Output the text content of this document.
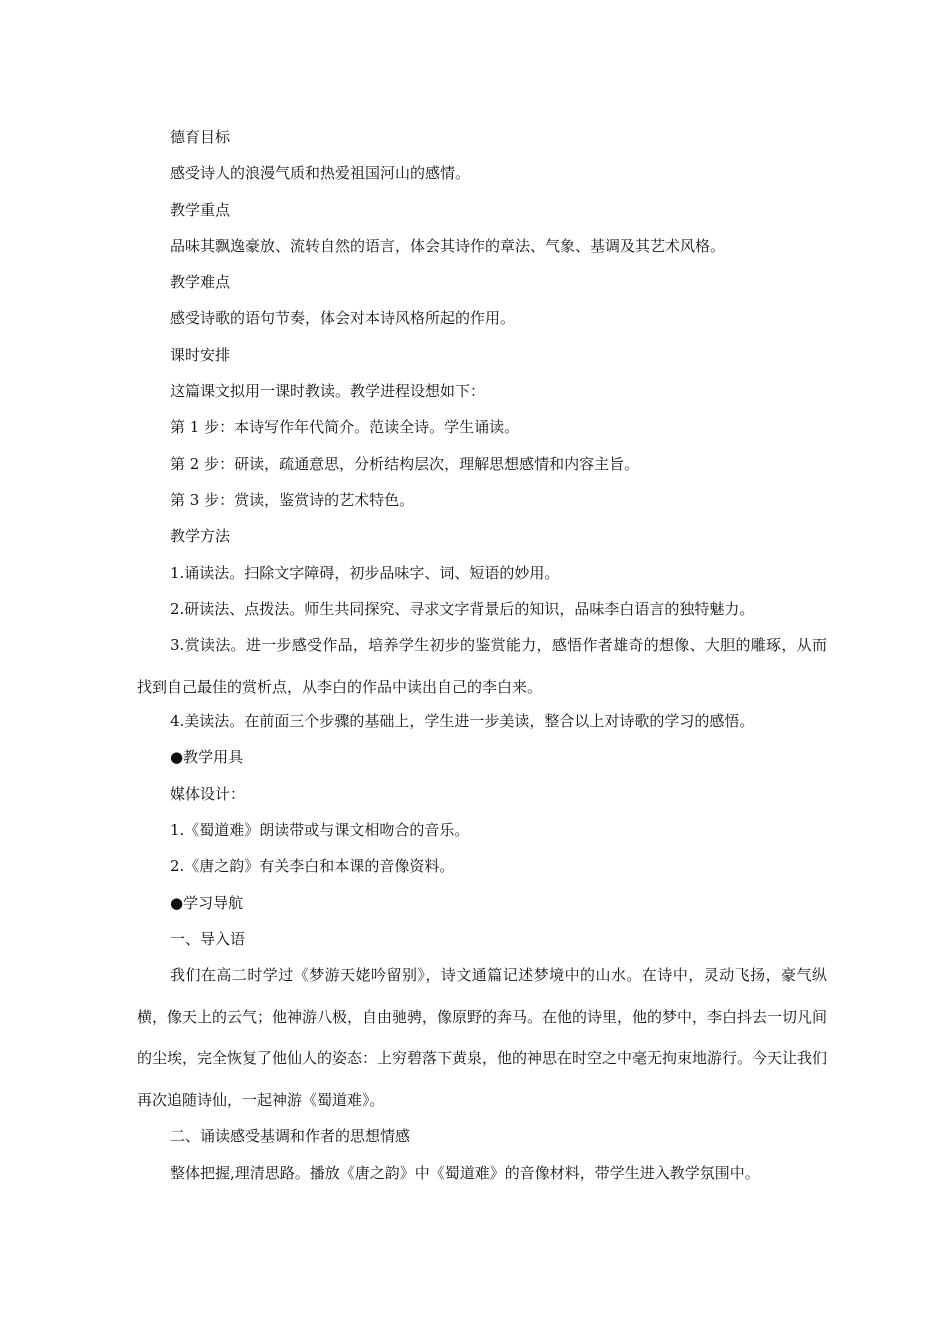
德育目标
感受诗人的浪漫气质和热爱祖国河山的感情。
教学重点
品味其飘逸豪放、流转自然的语言，体会其诗作的章法、气象、基调及其艺术风格。
教学难点
感受诗歌的语句节奏，体会对本诗风格所起的作用。
课时安排
这篇课文拟用一课时教读。教学进程设想如下：
第 1 步：本诗写作年代简介。范读全诗。学生诵读。
第 2 步：研读，疏通意思，分析结构层次，理解思想感情和内容主旨。
第 3 步：赏读，鉴赏诗的艺术特色。
教学方法
1.诵读法。扫除文字障碍，初步品味字、词、短语的妙用。
2.研读法、点拨法。师生共同探究、寻求文字背景后的知识，品味李白语言的独特魅力。
3.赏读法。进一步感受作品，培养学生初步的鉴赏能力，感悟作者雄奇的想像、大胆的雕琢，从而找到自己最佳的赏析点，从李白的作品中读出自己的李白来。
4.美读法。在前面三个步骤的基础上，学生进一步美读，整合以上对诗歌的学习的感悟。
●教学用具
媒体设计：
1.《蜀道难》朗读带或与课文相吻合的音乐。
2.《唐之韵》有关李白和本课的音像资料。
●学习导航
一、导入语
我们在高二时学过《梦游天姥吟留别》，诗文通篇记述梦境中的山水。在诗中，灵动飞扬，豪气纵横，像天上的云气；他神游八极，自由驰骋，像原野的奔马。在他的诗里，他的梦中，李白抖去一切凡间的尘埃，完全恢复了他仙人的姿态：上穷碧落下黄泉，他的神思在时空之中毫无拘束地游行。今天让我们再次追随诗仙，一起神游《蜀道难》。
二、诵读感受基调和作者的思想情感
整体把握,理清思路。播放《唐之韵》中《蜀道难》的音像材料，带学生进入教学氛围中。
